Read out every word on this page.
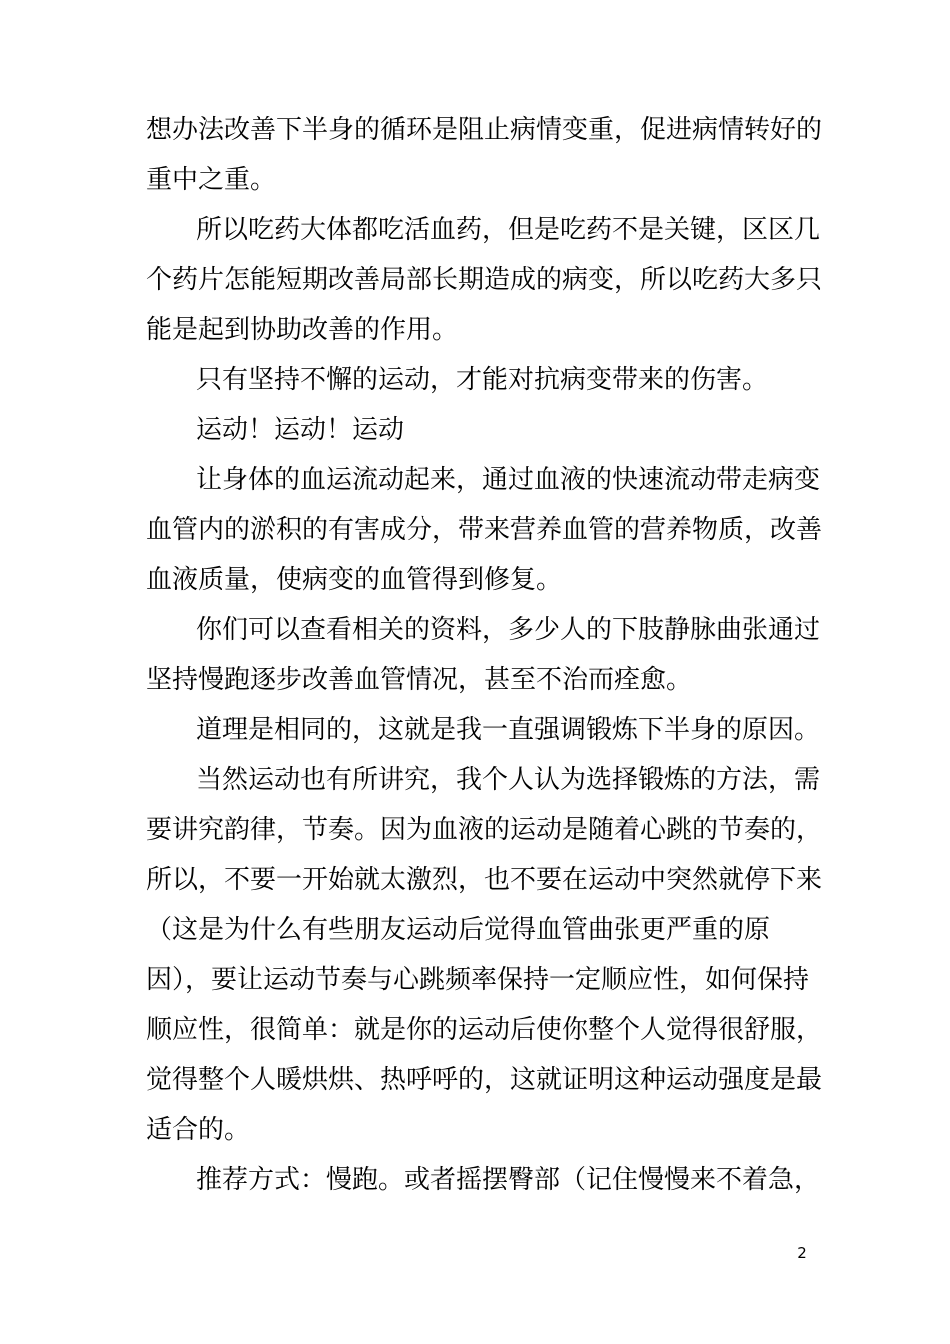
想办法改善下半身的循环是阻止病情变重，促进病情转好的
重中之重。
所以吃药大体都吃活血药，但是吃药不是关键，区区几
个药片怎能短期改善局部长期造成的病变，所以吃药大多只
能是起到协助改善的作用。
只有坚持不懈的运动，才能对抗病变带来的伤害。
运动！运动！运动
让身体的血运流动起来，通过血液的快速流动带走病变
血管内的淤积的有害成分，带来营养血管的营养物质，改善
血液质量，使病变的血管得到修复。
你们可以查看相关的资料，多少人的下肢静脉曲张通过
坚持慢跑逐步改善血管情况，甚至不治而痊愈。
道理是相同的，这就是我一直强调锻炼下半身的原因。
当然运动也有所讲究，我个人认为选择锻炼的方法，需
要讲究韵律，节奏。因为血液的运动是随着心跳的节奏的，
所以，不要一开始就太激烈，也不要在运动中突然就停下来
（这是为什么有些朋友运动后觉得血管曲张更严重的原
因），要让运动节奏与心跳频率保持一定顺应性，如何保持
顺应性，很简单：就是你的运动后使你整个人觉得很舒服，
觉得整个人暖烘烘、热呼呼的，这就证明这种运动强度是最
适合的。
推荐方式：慢跑。或者摇摆臀部（记住慢慢来不着急，
2
